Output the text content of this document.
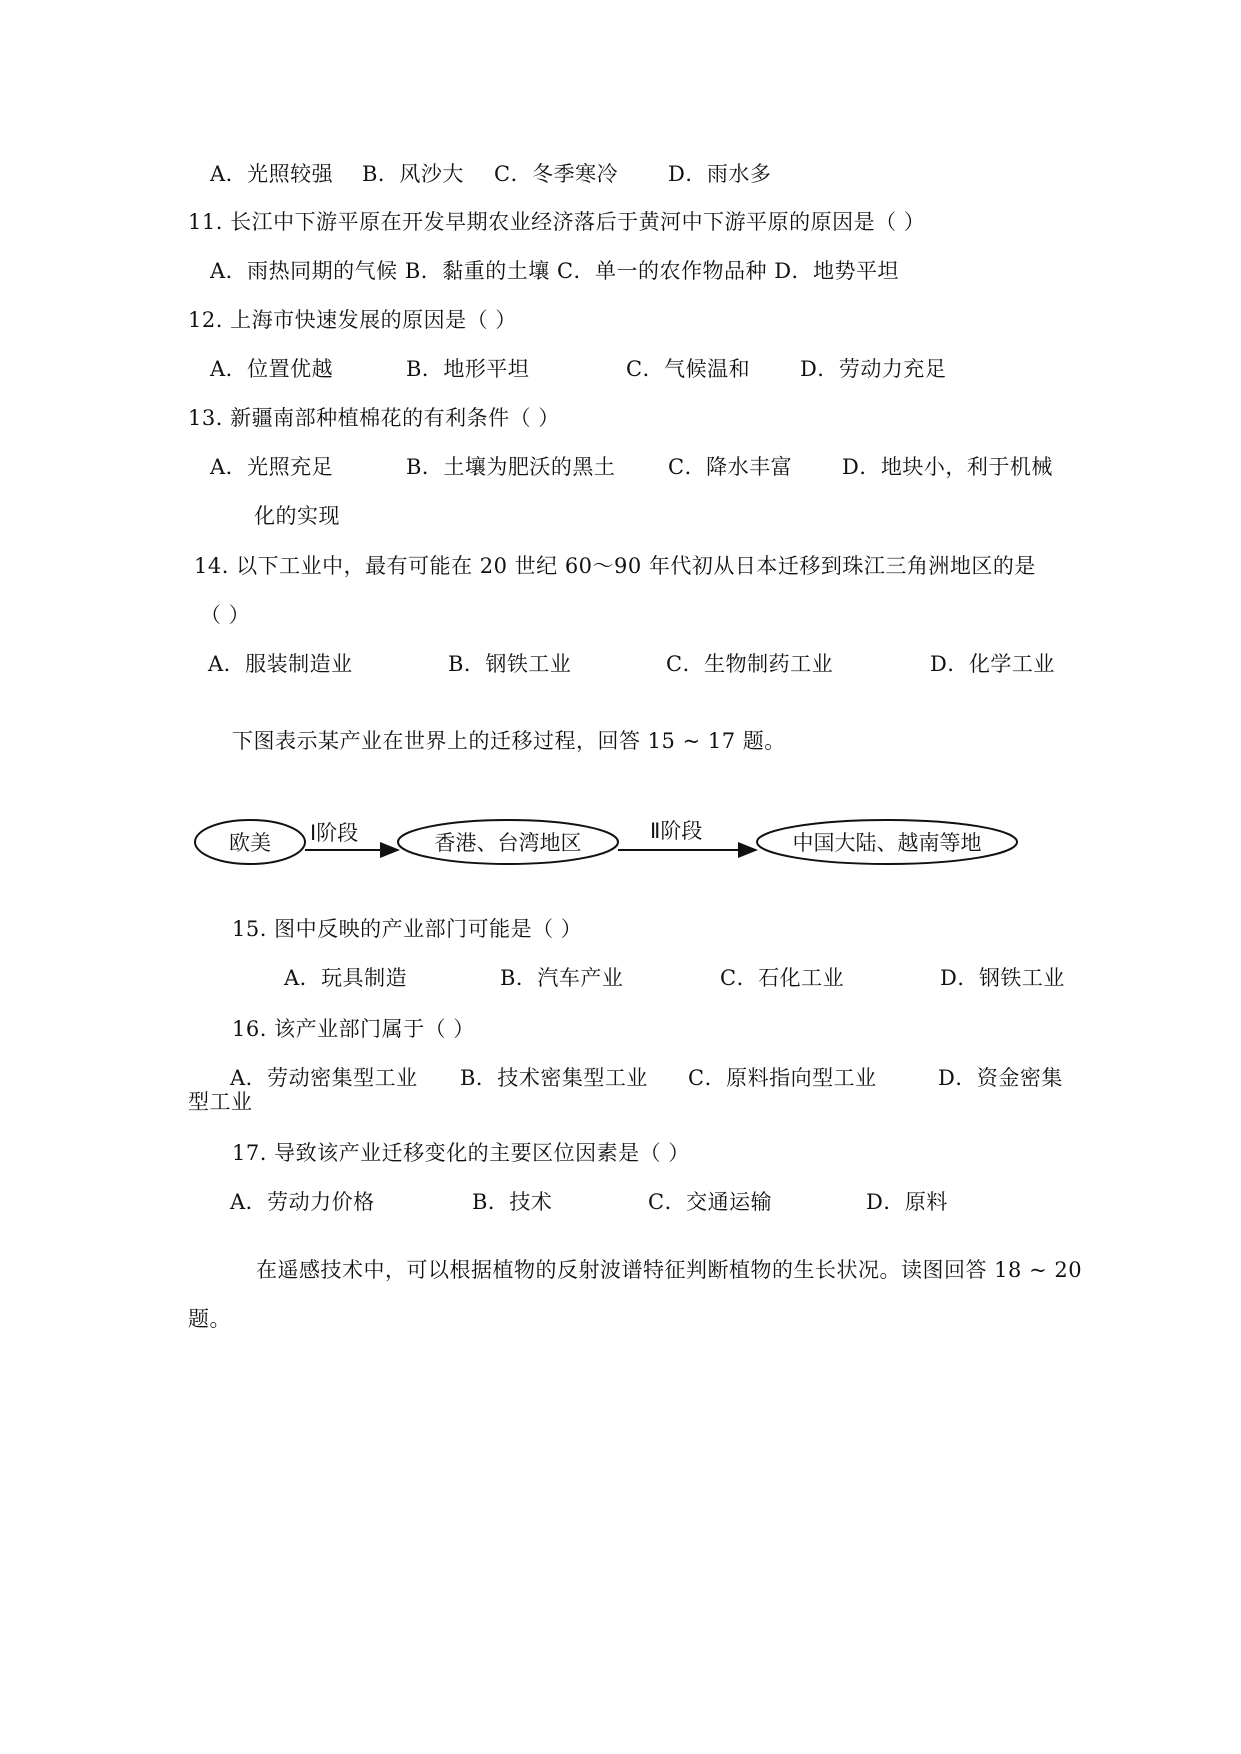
A．光照较强 B．风沙大 C．冬季寒冷 D．雨水多
11. 长江中下游平原在开发早期农业经济落后于黄河中下游平原的原因是（ ）
A．雨热同期的气候 B．黏重的土壤 C．单一的农作物品种 D．地势平坦
12. 上海市快速发展的原因是（ ）
A．位置优越	B．地形平坦	C．气候温和 D．劳动力充足
13. 新疆南部种植棉花的有利条件（ ）
A．光照充足	B．土壤为肥沃的黑土	C．降水丰富 D．地块小，利于机械
化的实现
14. 以下工业中，最有可能在 20 世纪 60～90 年代初从日本迁移到珠江三角洲地区的是
（ ）
A．服装制造业	B．钢铁工业	C．生物制药工业	D．化学工业
下图表示某产业在世界上的迁移过程，回答 15 ~ 17 题。
欧美 Ⅰ阶段	香港、台湾地区	Ⅱ阶段	中国大陆、越南等地
15. 图中反映的产业部门可能是（ ）
A．玩具制造	B．汽车产业	C．石化工业	D．钢铁工业
16. 该产业部门属于（ ）
A．劳动密集型工业 B．技术密集型工业 C．原料指向型工业	D．资金密集
型工业
17. 导致该产业迁移变化的主要区位因素是（ ）
A．劳动力价格	B．技术	C．交通运输	D．原料
在遥感技术中，可以根据植物的反射波谱特征判断植物的生长状况。读图回答 18 ~ 20
题。
